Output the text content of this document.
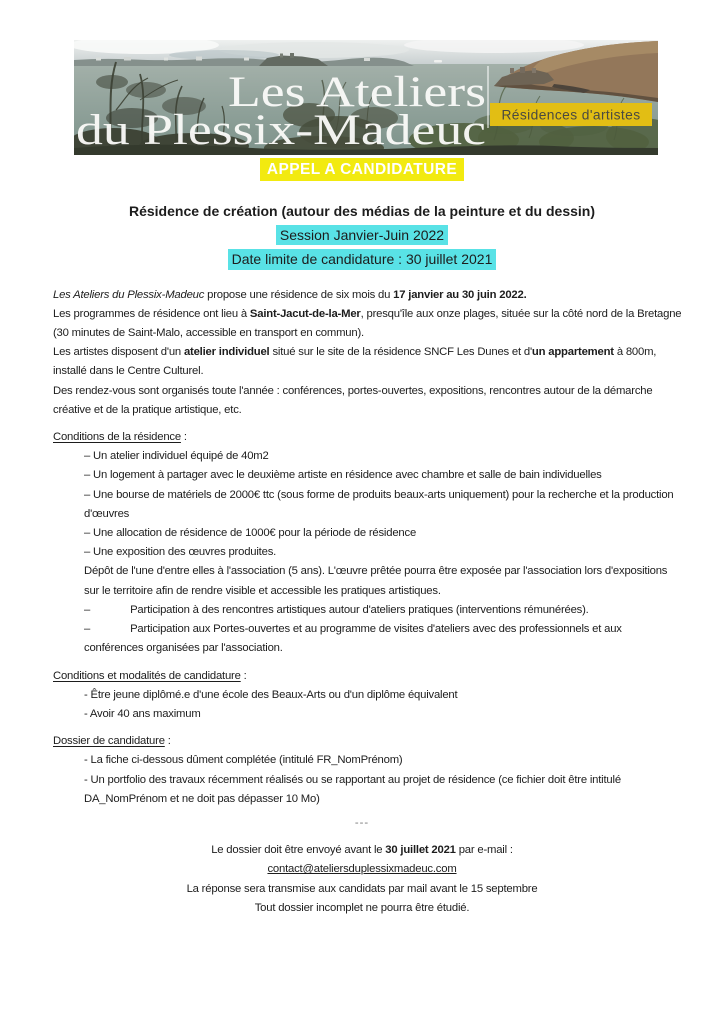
Résidences d'artistes
Les Ateliers
du Plessix-Madeuc
APPEL A CANDIDATURE
Résidence de création (autour des médias de la peinture et du dessin)
Session Janvier-Juin 2022
Date limite de candidature : 30 juillet 2021

Les Ateliers du Plessix-Madeuc propose une résidence de six mois du 17 janvier au 30 juin 2022.

Les programmes de résidence ont lieu à Saint-Jacut-de-la-Mer, presqu'île aux onze plages, située sur la côté nord de la Bretagne (30 minutes de Saint-Malo, accessible en transport en commun).

Les artistes disposent d'un atelier individuel situé sur le site de la résidence SNCF Les Dunes et d'un appartement à 800m, installé dans le Centre Culturel.

Des rendez-vous sont organisés toute l'année : conférences, portes-ouvertes, expositions, rencontres autour de la démarche créative et de la pratique artistique, etc.

Conditions de la résidence :

– Un atelier individuel équipé de 40m2
– Un logement à partager avec le deuxième artiste en résidence avec chambre et salle de bain individuelles
– Une bourse de matériels de 2000€ ttc (sous forme de produits beaux-arts uniquement) pour la recherche et la production d'œuvres
– Une allocation de résidence de 1000€ pour la période de résidence
– Une exposition des œuvres produites.
Dépôt de l'une d'entre elles à l'association (5 ans). L'œuvre prêtée pourra être exposée par l'association lors d'expositions sur le territoire afin de rendre visible et accessible les pratiques artistiques.
–	Participation à des rencontres artistiques autour d'ateliers pratiques (interventions rémunérées).
–	Participation aux Portes-ouvertes et au programme de visites d'ateliers avec des professionnels et aux conférences organisées par l'association.

Conditions et modalités de candidature :

- Être jeune diplômé.e d'une école des Beaux-Arts ou d'un diplôme équivalent
- Avoir 40 ans maximum

Dossier de candidature :

- La fiche ci-dessous dûment complétée (intitulé FR_NomPrénom)
- Un portfolio des travaux récemment réalisés ou se rapportant au projet de résidence (ce fichier doit être intitulé DA_NomPrénom et ne doit pas dépasser 10 Mo)
---
Le dossier doit être envoyé avant le 30 juillet 2021 par e-mail :
contact@ateliersduplessixmadeuc.com
La réponse sera transmise aux candidats par mail avant le 15 septembre
Tout dossier incomplet ne pourra être étudié.
